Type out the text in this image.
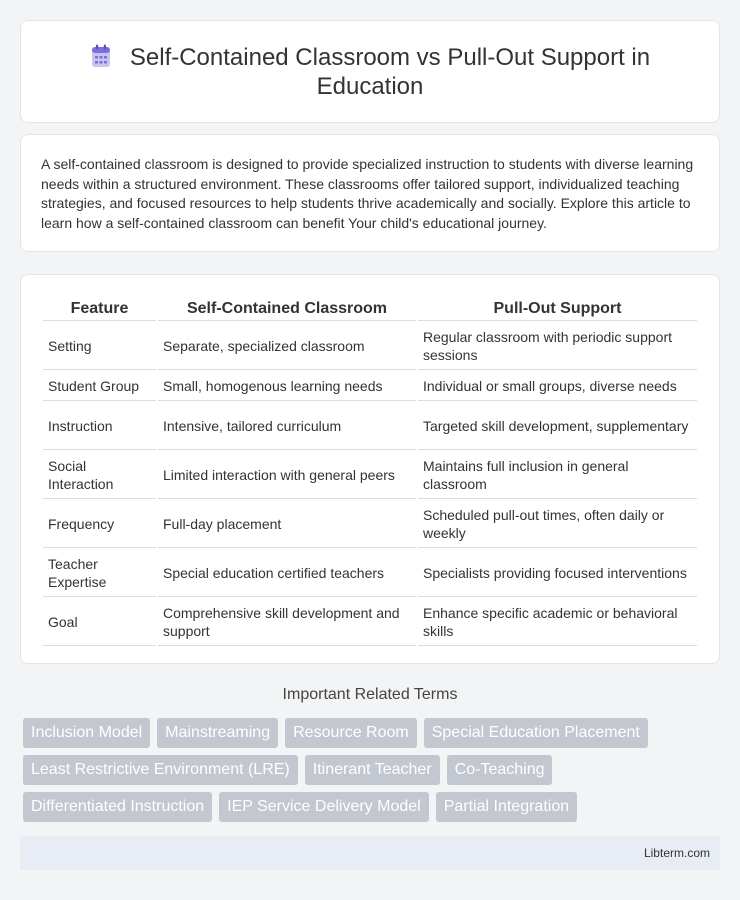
Self-Contained Classroom vs Pull-Out Support in Education

A self-contained classroom is designed to provide specialized instruction to students with diverse learning needs within a structured environment. These classrooms offer tailored support, individualized teaching strategies, and focused resources to help students thrive academically and socially. Explore this article to learn how a self-contained classroom can benefit Your child's educational journey.

Feature	Self-Contained Classroom	Pull-Out Support
Setting	Separate, specialized classroom	Regular classroom with periodic support sessions
Student Group	Small, homogenous learning needs	Individual or small groups, diverse needs
Instruction	Intensive, tailored curriculum	Targeted skill development, supplementary
Social Interaction	Limited interaction with general peers	Maintains full inclusion in general classroom
Frequency	Full-day placement	Scheduled pull-out times, often daily or weekly
Teacher Expertise	Special education certified teachers	Specialists providing focused interventions
Goal	Comprehensive skill development and support	Enhance specific academic or behavioral skills
Important Related Terms
Inclusion Model	Mainstreaming	Resource Room	Special Education Placement
Least Restrictive Environment (LRE)	Itinerant Teacher	Co-Teaching
Differentiated Instruction	IEP Service Delivery Model	Partial Integration
Libterm.com
